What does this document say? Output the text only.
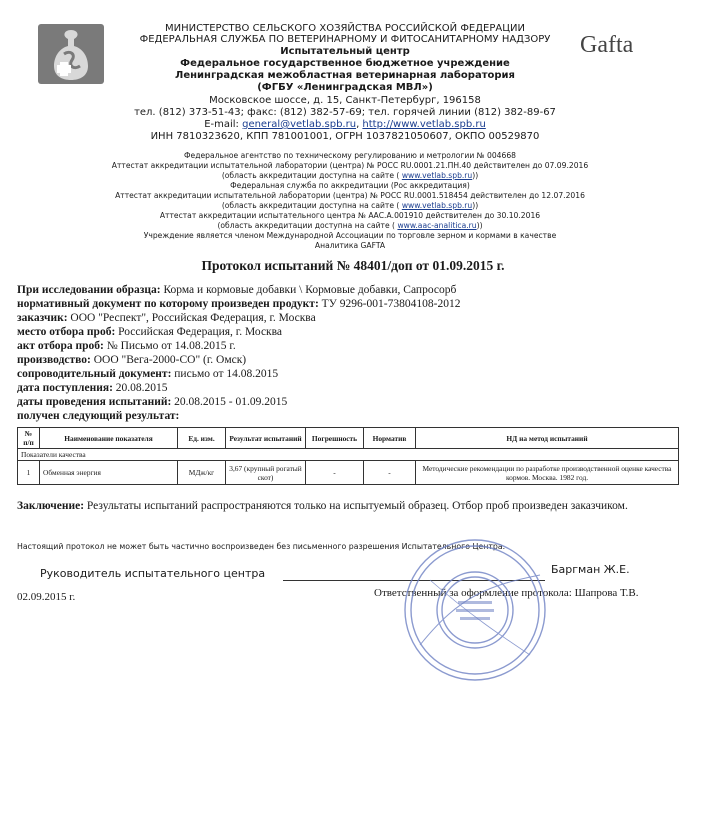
Gafta
МИНИСТЕРСТВО СЕЛЬСКОГО ХОЗЯЙСТВА РОССИЙСКОЙ ФЕДЕРАЦИИ
ФЕДЕРАЛЬНАЯ СЛУЖБА ПО ВЕТЕРИНАРНОМУ И ФИТОСАНИТАРНОМУ НАДЗОРУ
Испытательный центр
Федеральное государственное бюджетное учреждение
Ленинградская межобластная ветеринарная лаборатория
(ФГБУ «Ленинградская МВЛ»)
Московское шоссе, д. 15, Санкт-Петербург, 196158
тел. (812) 373-51-43; факс: (812) 382-57-69; тел. горячей линии (812) 382-89-67
E-mail: general@vetlab.spb.ru, http://www.vetlab.spb.ru
ИНН 7810323620, КПП 781001001, ОГРН 1037821050607, ОКПО 00529870
Федеральное агентство по техническому регулированию и метрологии № 004668
Аттестат аккредитации испытательной лаборатории (центра) № РОСС RU.0001.21.ПН.40 действителен до 07.09.2016
(область аккредитации доступна на сайте ( www.vetlab.spb.ru))
Федеральная служба по аккредитации (Рос аккредитация)
Аттестат аккредитации испытательной лаборатории (центра) № РОСС RU.0001.518454 действителен до 12.07.2016
(область аккредитации доступна на сайте ( www.vetlab.spb.ru))
Аттестат аккредитации испытательного центра № ААС.А.001910 действителен до 30.10.2016
(область аккредитации доступна на сайте ( www.aac-analitica.ru))
Учреждение является членом Международной Ассоциации по торговле зерном и кормами в качестве
Аналитика GAFTA
Протокол испытаний № 48401/доп от 01.09.2015 г.
При исследовании образца: Корма и кормовые добавки \ Кормовые добавки, Сапросорб
нормативный документ по которому произведен продукт: ТУ 9296-001-73804108-2012
заказчик: ООО "Респект", Российская Федерация, г. Москва
место отбора проб: Российская Федерация, г. Москва
акт отбора проб: № Письмо от 14.08.2015 г.
производство: ООО "Вега-2000-СО" (г. Омск)
сопроводительный документ: письмо от 14.08.2015
дата поступления: 20.08.2015
даты проведения испытаний: 20.08.2015 - 01.09.2015
получен следующий результат:
№ п/п	Наименование показателя	Ед. изм.	Результат испытаний	Погрешность	Норматив	НД на метод испытаний
Показатели качества						
1	Обменная энергия	МДж/кг	3,67 (крупный рогатый скот)	-	-	Методические рекомендации по разработке производственной оценке качества кормов. Москва. 1982 год.
Заключение: Результаты испытаний распространяются только на испытуемый образец. Отбор проб произведен заказчиком.
Настоящий протокол не может быть частично воспроизведен без письменного разрешения Испытательного Центра.
Руководитель испытательного центра	Баргман Ж.Е.
02.09.2015 г.	Ответственный за оформление протокола: Шапрова Т.В.
